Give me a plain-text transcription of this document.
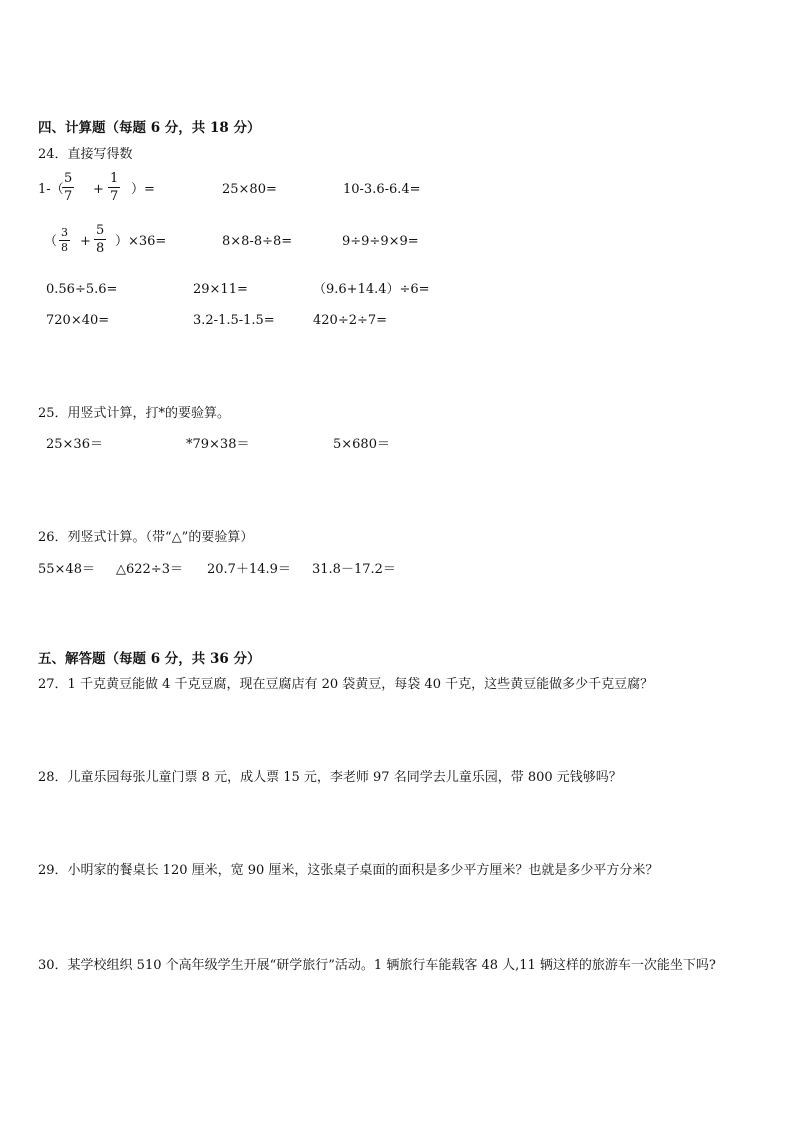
四、计算题（每题 6 分，共 18 分）
24．直接写得数
1-（
5
7 +
1
7 ）=	25×80=	10-3.6-6.4=
（
3
8 +
5
8 ）×36=	8×8-8÷8=	9÷9÷9×9=
0.56÷5.6=	29×11=	（9.6+14.4）÷6=
720×40=	3.2-1.5-1.5=	420÷2÷7=
25．用竖式计算，打*的要验算。
25×36＝	*79×38＝	5×680＝
26．列竖式计算。（带“△”的要验算）
55×48＝ △622÷3＝ 20.7＋14.9＝ 31.8－17.2＝
五、解答题（每题 6 分，共 36 分）
27．1 千克黄豆能做 4 千克豆腐，现在豆腐店有 20 袋黄豆，每袋 40 千克，这些黄豆能做多少千克豆腐？
28．儿童乐园每张儿童门票 8 元，成人票 15 元，李老师 97 名同学去儿童乐园，带 800 元钱够吗？
29．小明家的餐桌长 120 厘米，宽 90 厘米，这张桌子桌面的面积是多少平方厘米？也就是多少平方分米？
30．某学校组织 510 个高年级学生开展“研学旅行”活动。1 辆旅行车能载客 48 人,11 辆这样的旅游车一次能坐下吗?
